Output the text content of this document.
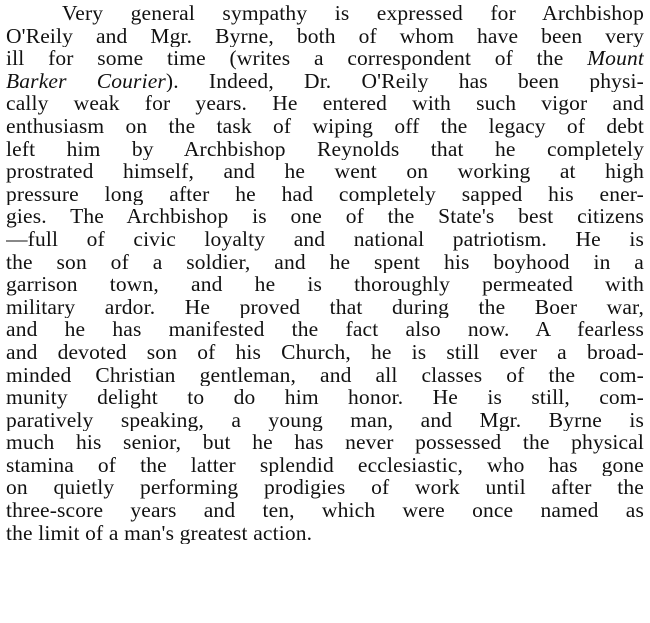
Very general sympathy is expressed for Archbishop
O'Reily and Mgr. Byrne, both of whom have been very
ill for some time (writes a correspondent of the Mount
Barker Courier). Indeed, Dr. O'Reily has been physi-
cally weak for years. He entered with such vigor and
enthusiasm on the task of wiping off the legacy of debt
left him by Archbishop Reynolds that he completely
prostrated himself, and he went on working at high
pressure long after he had completely sapped his ener-
gies. The Archbishop is one of the State's best citizens
—full of civic loyalty and national patriotism. He is
the son of a soldier, and he spent his boyhood in a
garrison town, and he is thoroughly permeated with
military ardor. He proved that during the Boer war,
and he has manifested the fact also now. A fearless
and devoted son of his Church, he is still ever a broad-
minded Christian gentleman, and all classes of the com-
munity delight to do him honor. He is still, com-
paratively speaking, a young man, and Mgr. Byrne is
much his senior, but he has never possessed the physical
stamina of the latter splendid ecclesiastic, who has gone
on quietly performing prodigies of work until after the
three-score years and ten, which were once named as
the limit of a man's greatest action.
